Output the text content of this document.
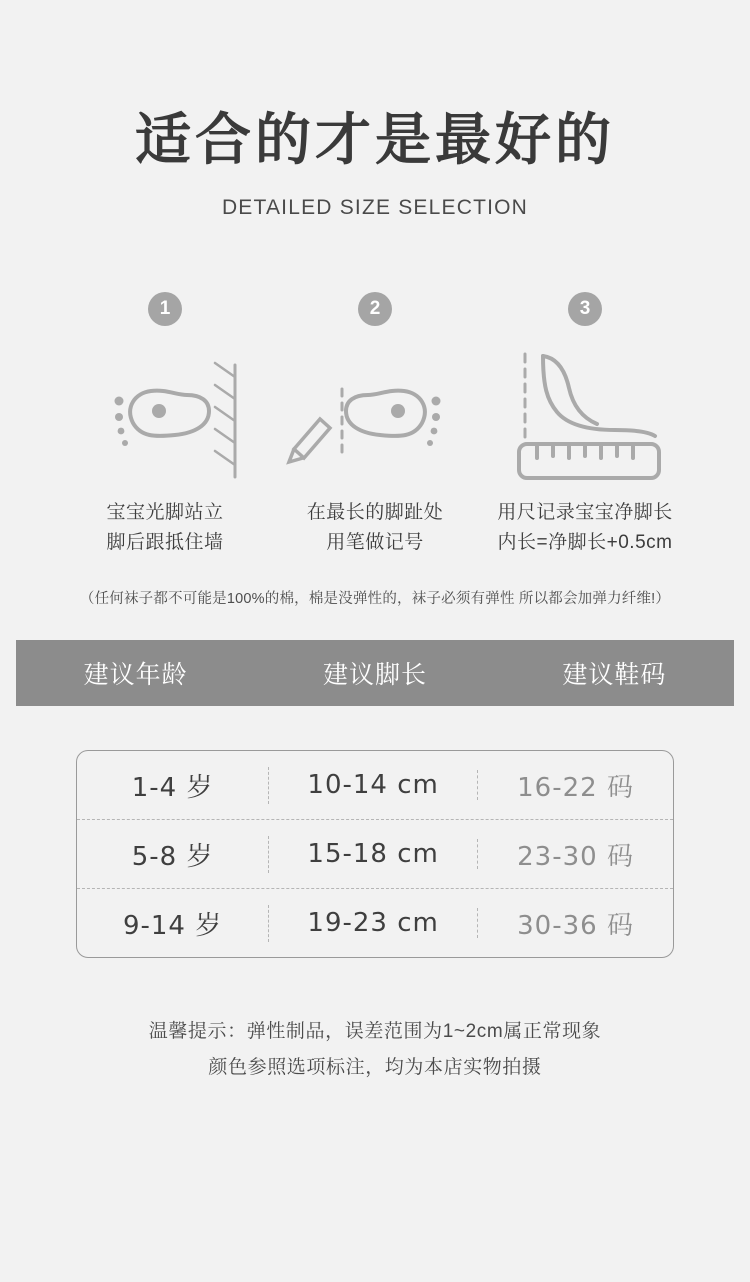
适合的才是最好的
DETAILED SIZE SELECTION
1
宝宝光脚站立
脚后跟抵住墙
2
在最长的脚趾处
用笔做记号
3
用尺记录宝宝净脚长
内长=净脚长+0.5cm
（任何袜子都不可能是100%的棉，棉是没弹性的，袜子必须有弹性 所以都会加弹力纤维!）
建议年龄	建议脚长	建议鞋码
1-4 岁	10-14 cm	16-22 码
5-8 岁	15-18 cm	23-30 码
9-14 岁	19-23 cm	30-36 码
温馨提示：弹性制品，误差范围为1~2cm属正常现象
颜色参照选项标注，均为本店实物拍摄
